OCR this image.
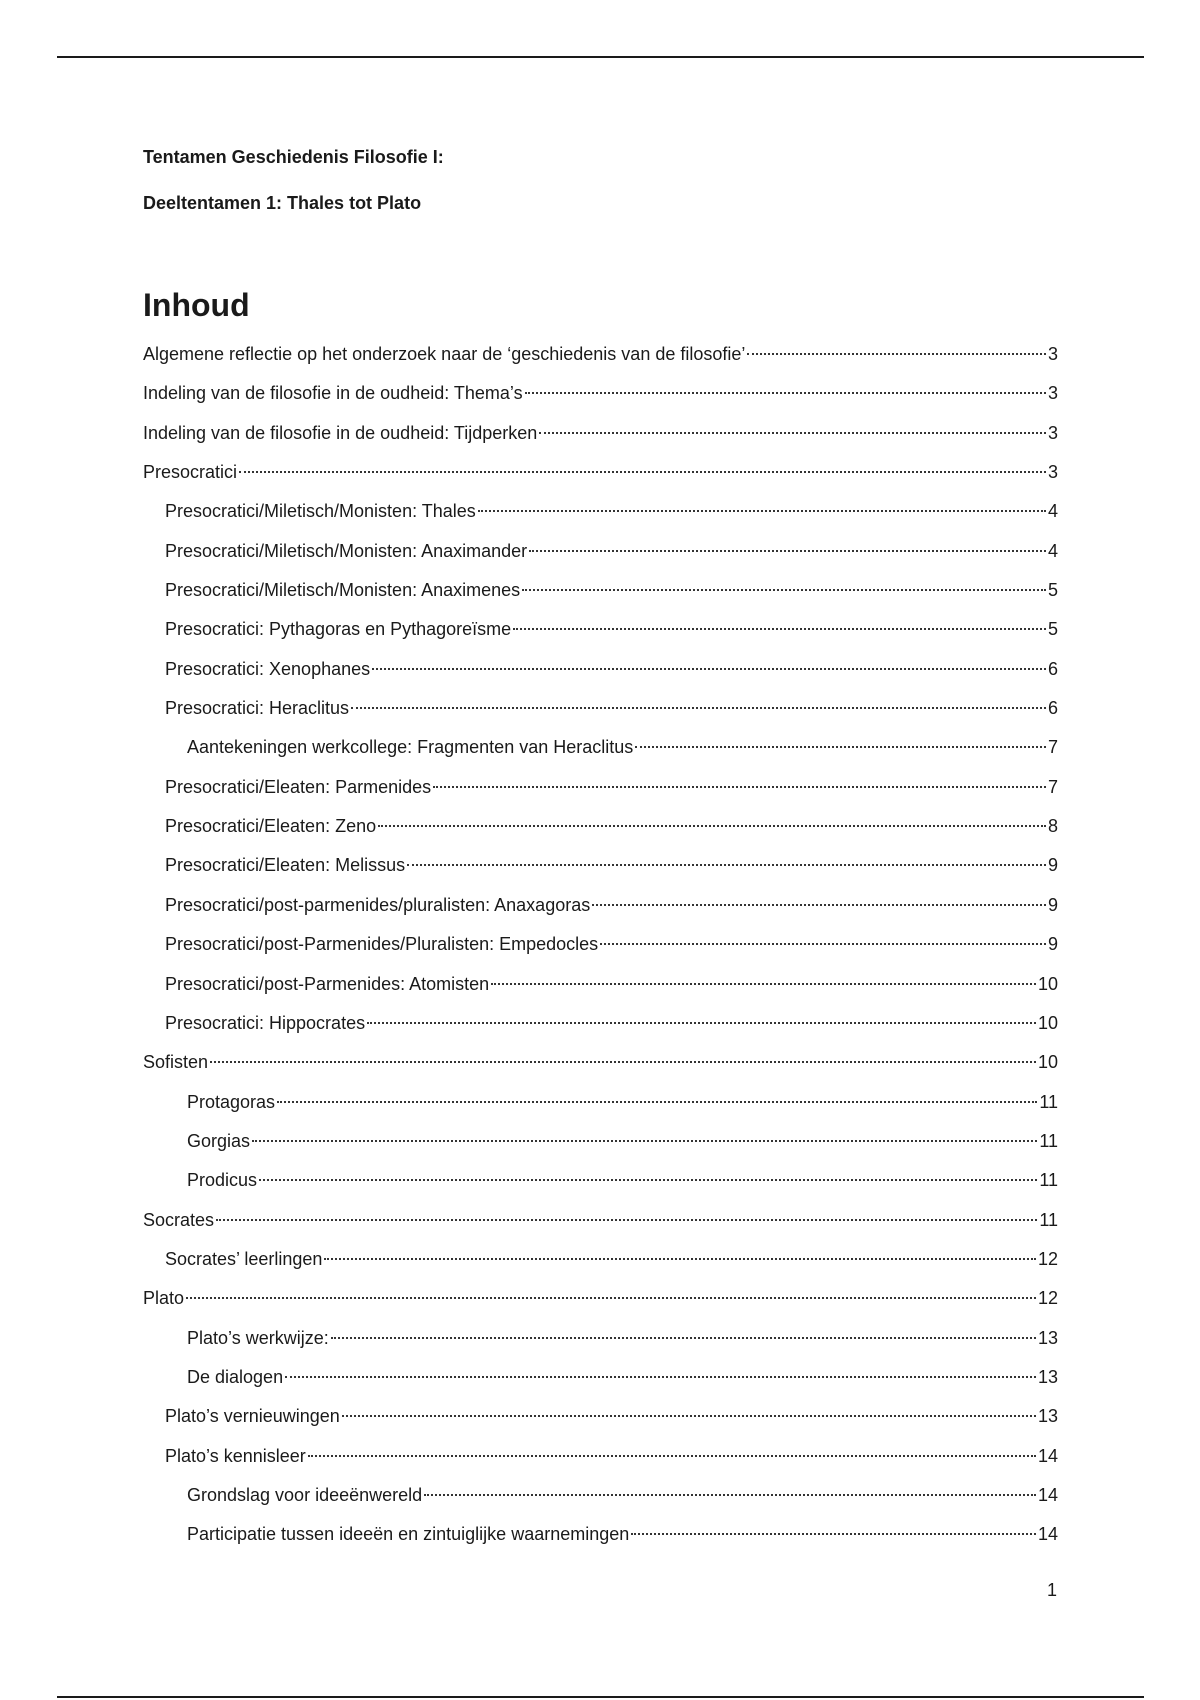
Tentamen Geschiedenis Filosofie I:

Deeltentamen 1: Thales tot Plato

Inhoud
Algemene reflectie op het onderzoek naar de ‘geschiedenis van de filosofie’	3
Indeling van de filosofie in de oudheid: Thema’s	3
Indeling van de filosofie in de oudheid: Tijdperken	3
Presocratici	3
Presocratici/Miletisch/Monisten: Thales	4
Presocratici/Miletisch/Monisten: Anaximander	4
Presocratici/Miletisch/Monisten: Anaximenes	5
Presocratici: Pythagoras en Pythagoreïsme	5
Presocratici: Xenophanes	6
Presocratici: Heraclitus	6
Aantekeningen werkcollege: Fragmenten van Heraclitus	7
Presocratici/Eleaten: Parmenides	7
Presocratici/Eleaten: Zeno	8
Presocratici/Eleaten: Melissus	9
Presocratici/post-parmenides/pluralisten: Anaxagoras	9
Presocratici/post-Parmenides/Pluralisten: Empedocles	9
Presocratici/post-Parmenides: Atomisten	10
Presocratici: Hippocrates	10
Sofisten	10
Protagoras	11
Gorgias	11
Prodicus	11
Socrates	11
Socrates’ leerlingen	12
Plato	12
Plato’s werkwijze:	13
De dialogen	13
Plato’s vernieuwingen	13
Plato’s kennisleer	14
Grondslag voor ideeënwereld	14
Participatie tussen ideeën en zintuiglijke waarnemingen	14

1
